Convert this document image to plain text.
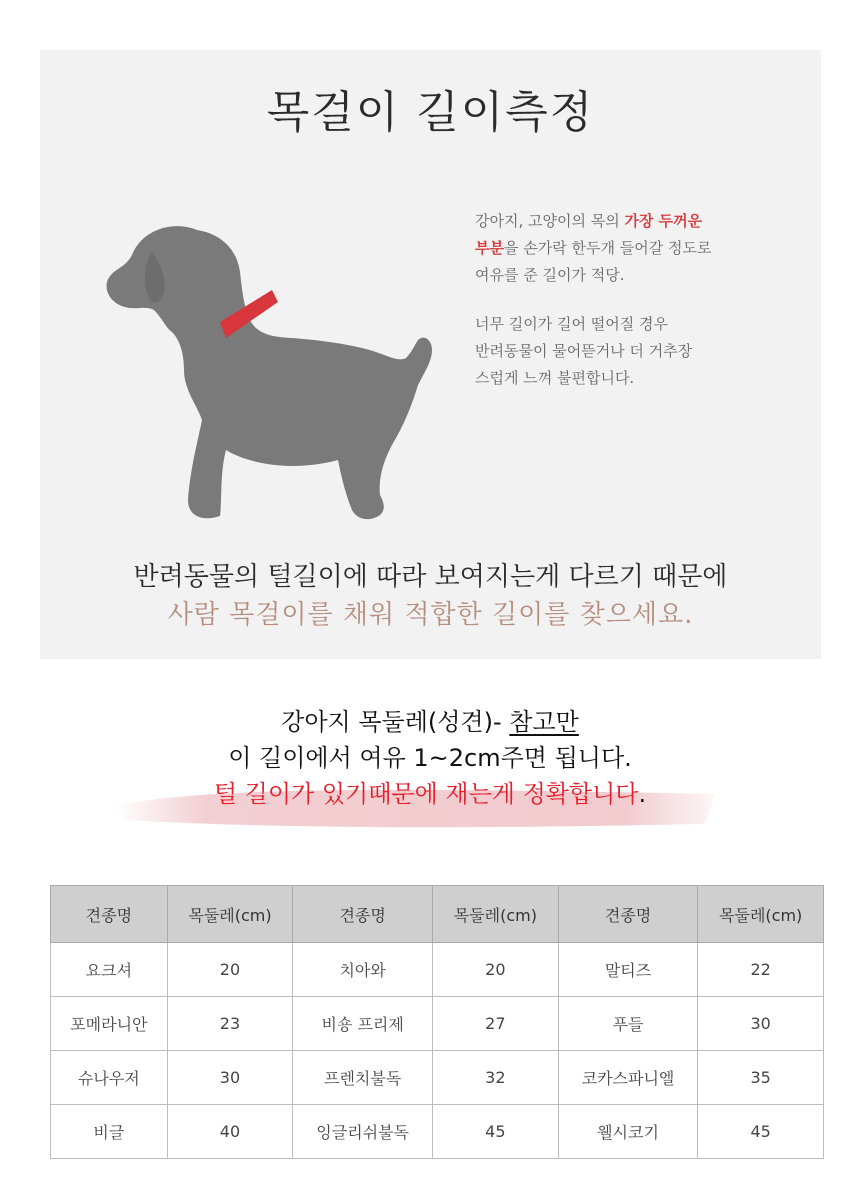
목걸이 길이측정

강아지, 고양이의 목의 가장 두꺼운
부분을 손가락 한두개 들어갈 정도로
여유를 준 길이가 적당.

너무 길이가 길어 떨어질 경우
반려동물이 물어뜯거나 더 거추장
스럽게 느껴 불편합니다.

반려동물의 털길이에 따라 보여지는게 다르기 때문에
사람 목걸이를 채워 적합한 길이를 찾으세요.
강아지 목둘레(성견)- 참고만
이 길이에서 여유 1~2cm주면 됩니다.
털 길이가 있기때문에 재는게 정확합니다.
견종명	목둘레(cm)	견종명	목둘레(cm)	견종명	목둘레(cm)
요크셔	20	치아와	20	말티즈	22
포메라니안	23	비숑 프리제	27	푸들	30
슈나우저	30	프렌치불독	32	코카스파니엘	35
비글	40	잉글리쉬불독	45	웰시코기	45
